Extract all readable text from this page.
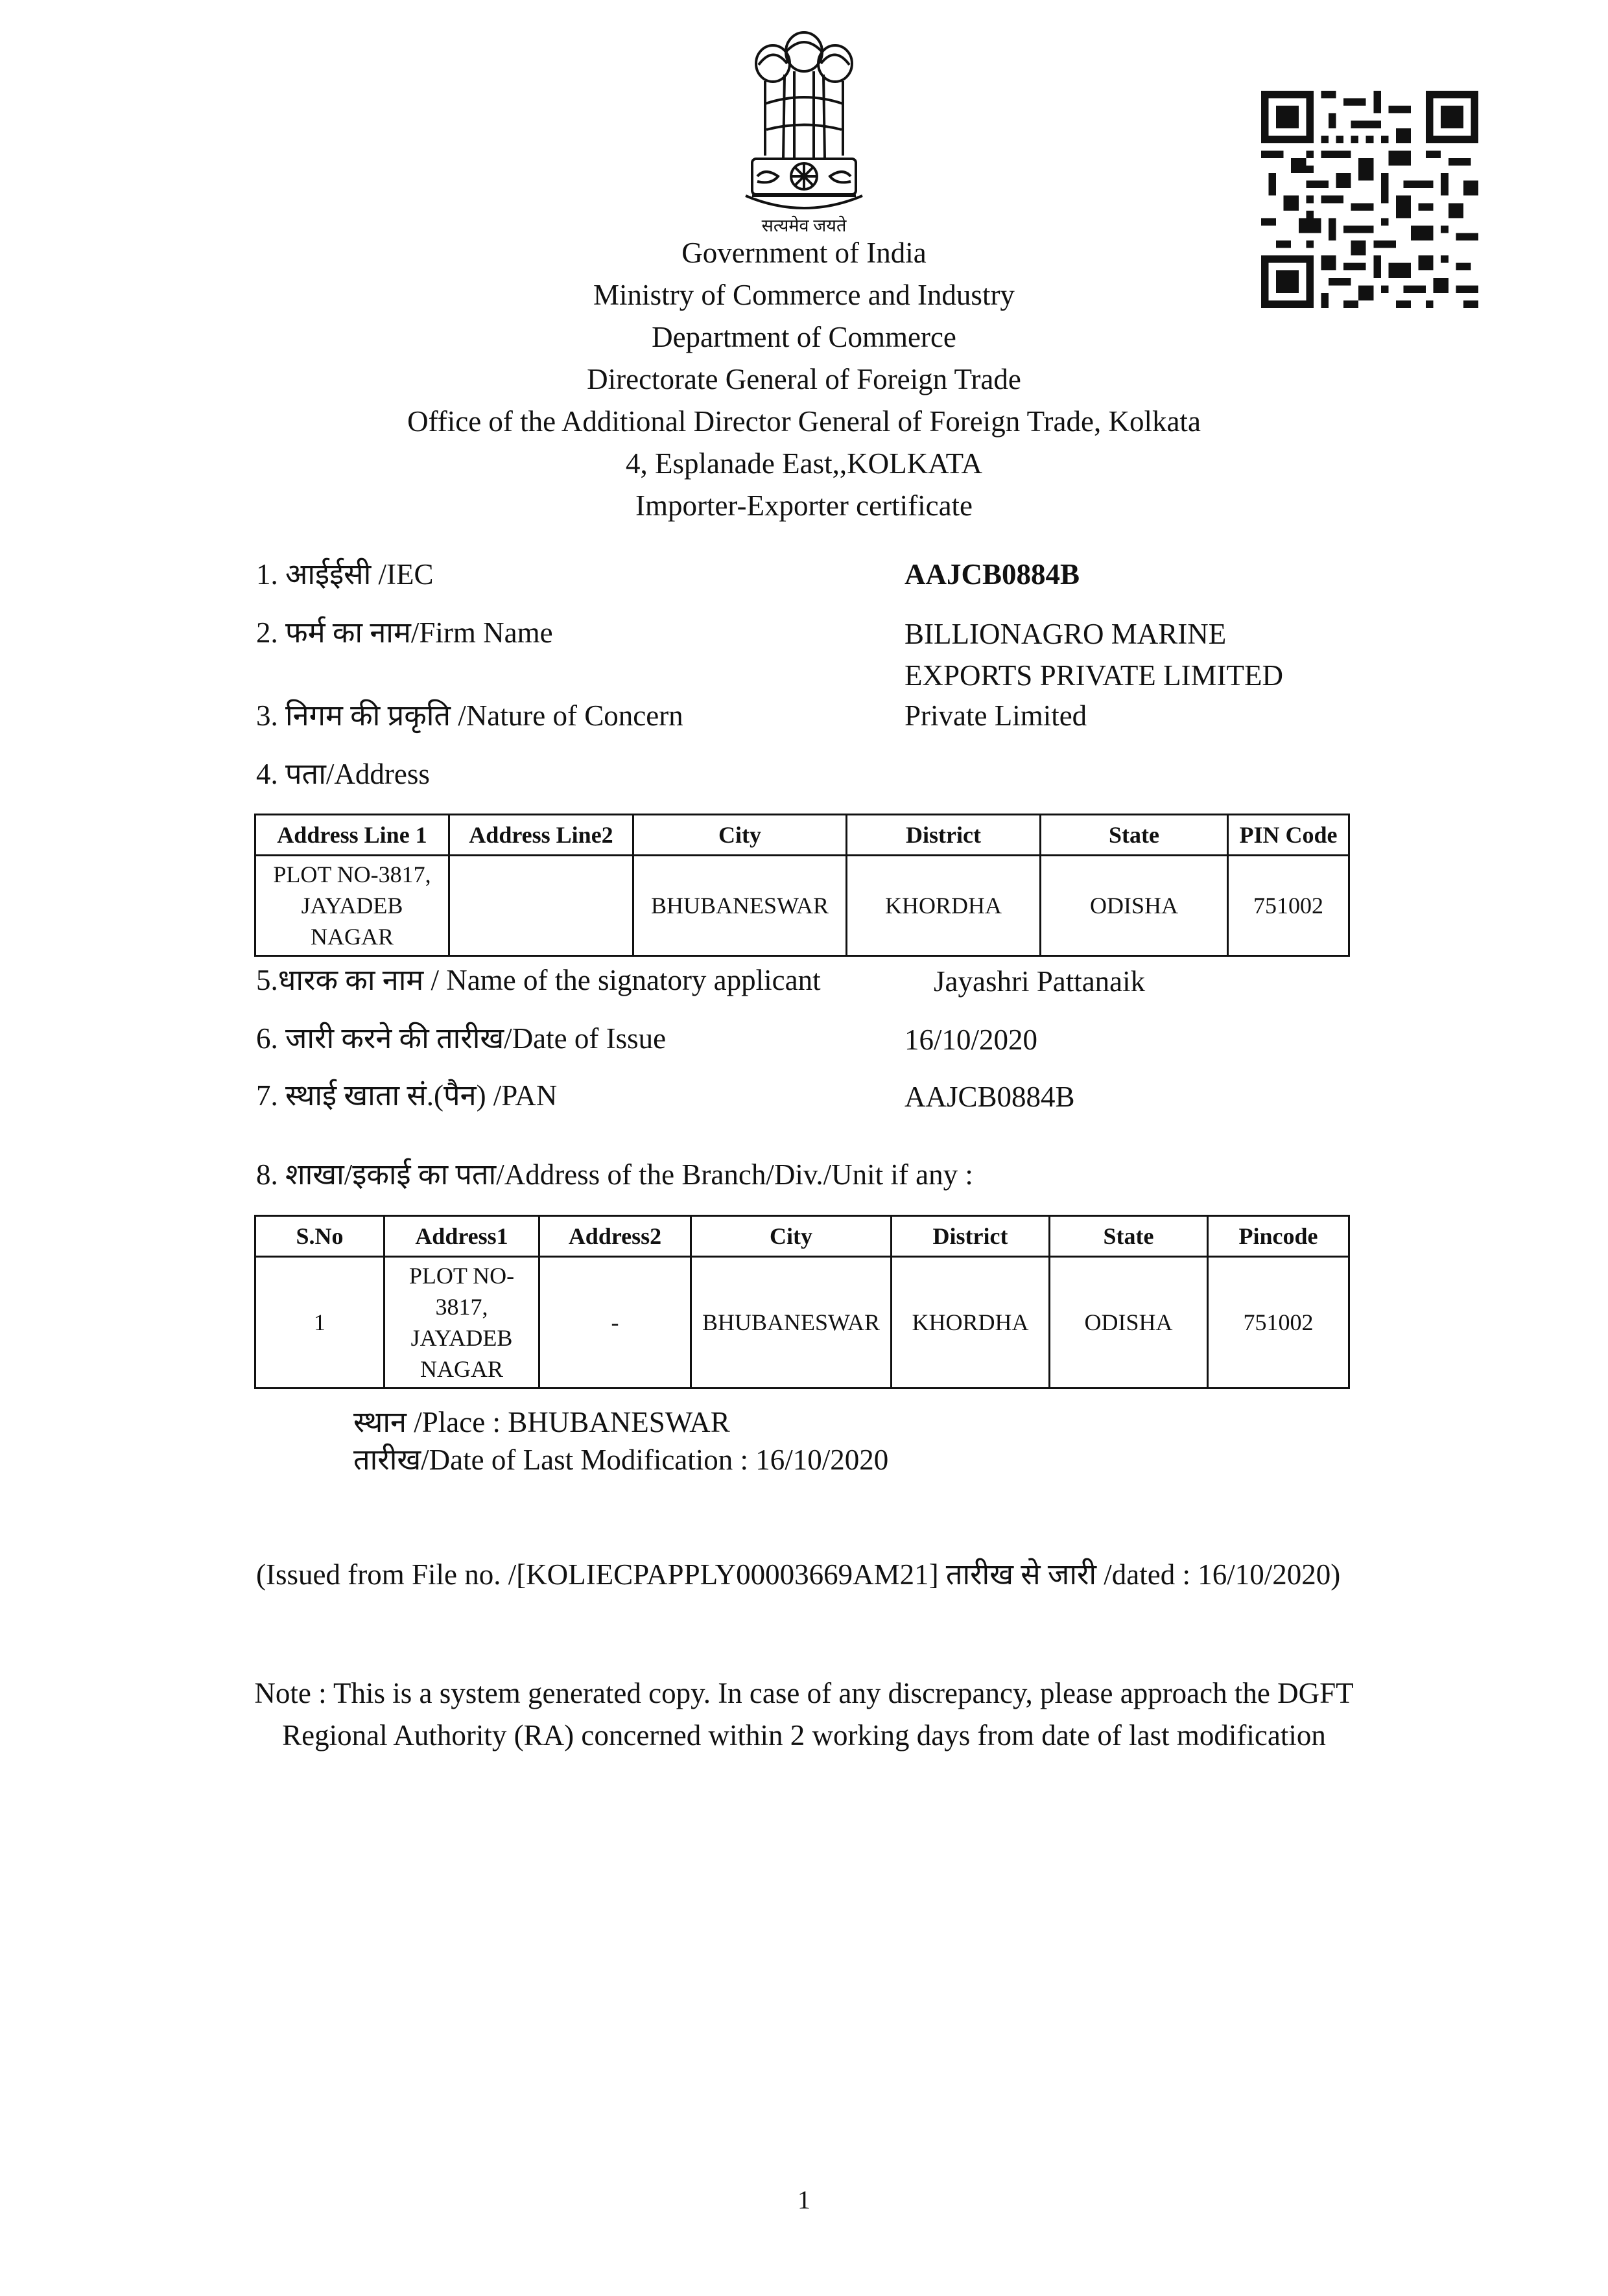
सत्यमेव जयते
Government of India
Ministry of Commerce and Industry
Department of Commerce
Directorate General of Foreign Trade
Office of the Additional Director General of Foreign Trade, Kolkata
4, Esplanade East,,KOLKATA
Importer-Exporter certificate
1. आईईसी /IEC	AAJCB0884B
2. फर्म का नाम/Firm Name	BILLIONAGRO MARINE
EXPORTS PRIVATE LIMITED
3. निगम की प्रकृति /Nature of Concern	Private Limited
4. पता/Address
Address Line 1	Address Line2	City	District	State	PIN Code

PLOT NO-3817,
JAYADEB
NAGAR		BHUBANESWAR	KHORDHA	ODISHA	751002
5.धारक का नाम / Name of the signatory applicant	Jayashri Pattanaik
6. जारी करने की तारीख/Date of Issue	16/10/2020
7. स्थाई खाता सं.(पैन) /PAN	AAJCB0884B
8. शाखा/इकाई का पता/Address of the Branch/Div./Unit if any :
S.No	Address1	Address2	City	District	State	Pincode
1	PLOT NO-
3817,
JAYADEB
NAGAR	-	BHUBANESWAR	KHORDHA	ODISHA	751002
स्थान /Place : BHUBANESWAR
तारीख/Date of Last Modification : 16/10/2020
(Issued from File no. /[KOLIECPAPPLY00003669AM21] तारीख से जारी /dated : 16/10/2020)
Note : This is a system generated copy. In case of any discrepancy, please approach the DGFT
Regional Authority (RA) concerned within 2 working days from date of last modification
1
